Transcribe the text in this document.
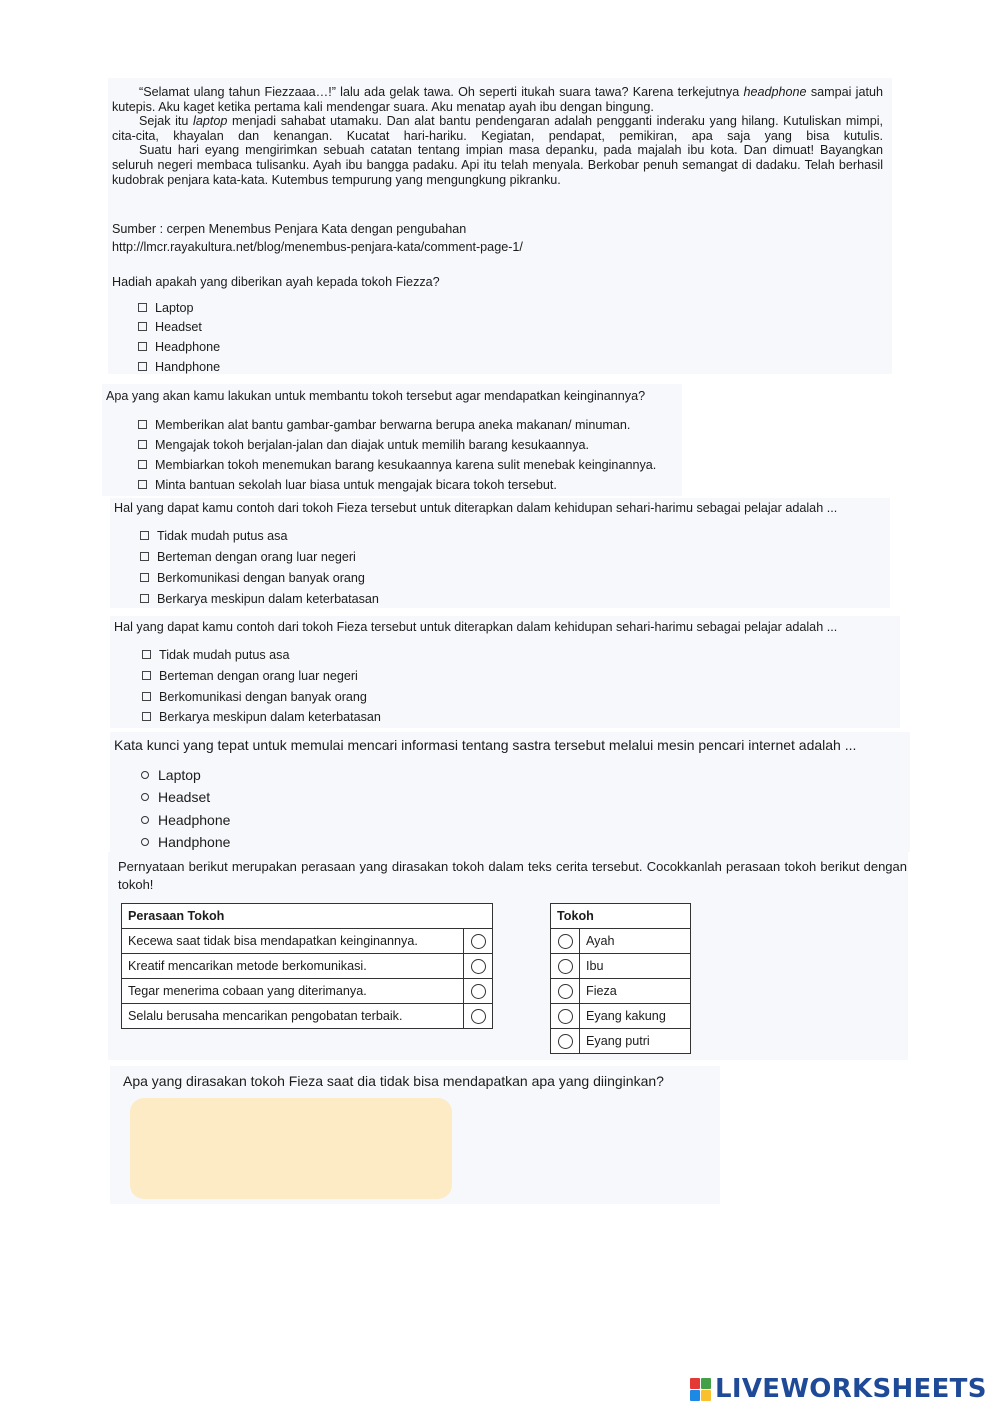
“Selamat ulang tahun Fiezzaaa…!” lalu ada gelak tawa. Oh seperti itukah suara tawa? Karena terkejutnya headphone sampai jatuh kutepis. Aku kaget ketika pertama kali mendengar suara. Aku menatap ayah ibu dengan bingung.

Sejak itu laptop menjadi sahabat utamaku. Dan alat bantu pendengaran adalah pengganti inderaku yang hilang. Kutuliskan mimpi, cita-cita, khayalan dan kenangan. Kucatat hari-hariku. Kegiatan, pendapat, pemikiran, apa saja yang bisa kutulis.

Suatu hari eyang mengirimkan sebuah catatan tentang impian masa depanku, pada majalah ibu kota. Dan dimuat! Bayangkan seluruh negeri membaca tulisanku. Ayah ibu bangga padaku. Api itu telah menyala. Berkobar penuh semangat di dadaku. Telah berhasil kudobrak penjara kata-kata. Kutembus tempurung yang mengungkung pikranku.

Sumber : cerpen Menembus Penjara Kata dengan pengubahan
http://lmcr.rayakultura.net/blog/menembus-penjara-kata/comment-page-1/
Hadiah apakah yang diberikan ayah kepada tokoh Fiezza?
Laptop
Headset
Headphone
Handphone
Apa yang akan kamu lakukan untuk membantu tokoh tersebut agar mendapatkan keinginannya?
Memberikan alat bantu gambar-gambar berwarna berupa aneka makanan/ minuman.
Mengajak tokoh berjalan-jalan dan diajak untuk memilih barang kesukaannya.
Membiarkan tokoh menemukan barang kesukaannya karena sulit menebak keinginannya.
Minta bantuan sekolah luar biasa untuk mengajak bicara tokoh tersebut.
Hal yang dapat kamu contoh dari tokoh Fieza tersebut untuk diterapkan dalam kehidupan sehari-harimu sebagai pelajar adalah ...
Tidak mudah putus asa
Berteman dengan orang luar negeri
Berkomunikasi dengan banyak orang
Berkarya meskipun dalam keterbatasan
Hal yang dapat kamu contoh dari tokoh Fieza tersebut untuk diterapkan dalam kehidupan sehari-harimu sebagai pelajar adalah ...
Tidak mudah putus asa
Berteman dengan orang luar negeri
Berkomunikasi dengan banyak orang
Berkarya meskipun dalam keterbatasan
Kata kunci yang tepat untuk memulai mencari informasi tentang sastra tersebut melalui mesin pencari internet adalah ...
Laptop
Headset
Headphone
Handphone
Pernyataan berikut merupakan perasaan yang dirasakan tokoh dalam teks cerita tersebut. Cocokkanlah perasaan tokoh berikut dengan tokoh!
Perasaan Tokoh	
Kecewa saat tidak bisa mendapatkan keinginannya.	
Kreatif mencarikan metode berkomunikasi.	
Tegar menerima cobaan yang diterimanya.	
Selalu berusaha mencarikan pengobatan terbaik.	
Tokoh	
	Ayah
	Ibu
	Fieza
	Eyang kakung
	Eyang putri
Apa yang dirasakan tokoh Fieza saat dia tidak bisa mendapatkan apa yang diinginkan?
LIVEWORKSHEETS
